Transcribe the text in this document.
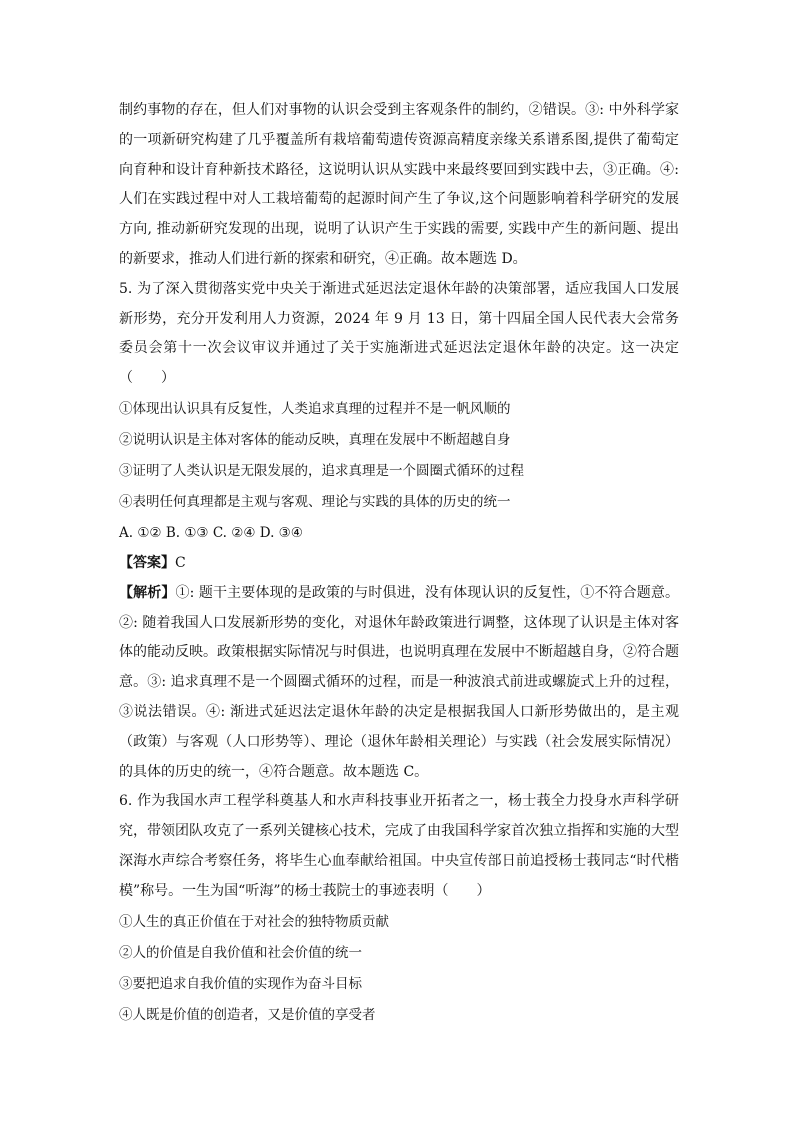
制约事物的存在，但人们对事物的认识会受到主客观条件的制约，②错误。③: 中外科学家的一项新研究构建了几乎覆盖所有栽培葡萄遗传资源高精度亲缘关系谱系图,提供了葡萄定向育种和设计育种新技术路径，这说明认识从实践中来最终要回到实践中去，③正确。④: 人们在实践过程中对人工栽培葡萄的起源时间产生了争议,这个问题影响着科学研究的发展方向, 推动新研究发现的出现，说明了认识产生于实践的需要, 实践中产生的新问题、提出的新要求，推动人们进行新的探索和研究，④正确。故本题选 D。

5. 为了深入贯彻落实党中央关于渐进式延迟法定退休年龄的决策部署，适应我国人口发展新形势，充分开发利用人力资源，2024 年 9 月 13 日，第十四届全国人民代表大会常务委员会第十一次会议审议并通过了关于实施渐进式延迟法定退休年龄的决定。这一决定（　　）

①体现出认识具有反复性，人类追求真理的过程并不是一帆风顺的

②说明认识是主体对客体的能动反映，真理在发展中不断超越自身

③证明了人类认识是无限发展的，追求真理是一个圆圈式循环的过程

④表明任何真理都是主观与客观、理论与实践的具体的历史的统一

A. ①② B. ①③ C. ②④ D. ③④

【答案】C

【解析】①: 题干主要体现的是政策的与时俱进，没有体现认识的反复性，①不符合题意。②: 随着我国人口发展新形势的变化，对退休年龄政策进行调整，这体现了认识是主体对客体的能动反映。政策根据实际情况与时俱进，也说明真理在发展中不断超越自身，②符合题意。③: 追求真理不是一个圆圈式循环的过程，而是一种波浪式前进或螺旋式上升的过程，③说法错误。④: 渐进式延迟法定退休年龄的决定是根据我国人口新形势做出的，是主观（政策）与客观（人口形势等）、理论（退休年龄相关理论）与实践（社会发展实际情况）的具体的历史的统一，④符合题意。故本题选 C。

6. 作为我国水声工程学科奠基人和水声科技事业开拓者之一，杨士莪全力投身水声科学研究，带领团队攻克了一系列关键核心技术，完成了由我国科学家首次独立指挥和实施的大型深海水声综合考察任务，将毕生心血奉献给祖国。中央宣传部日前追授杨士莪同志“时代楷模”称号。一生为国“听海”的杨士莪院士的事迹表明（　　）

①人生的真正价值在于对社会的独特物质贡献

②人的价值是自我价值和社会价值的统一

③要把追求自我价值的实现作为奋斗目标

④人既是价值的创造者，又是价值的享受者
